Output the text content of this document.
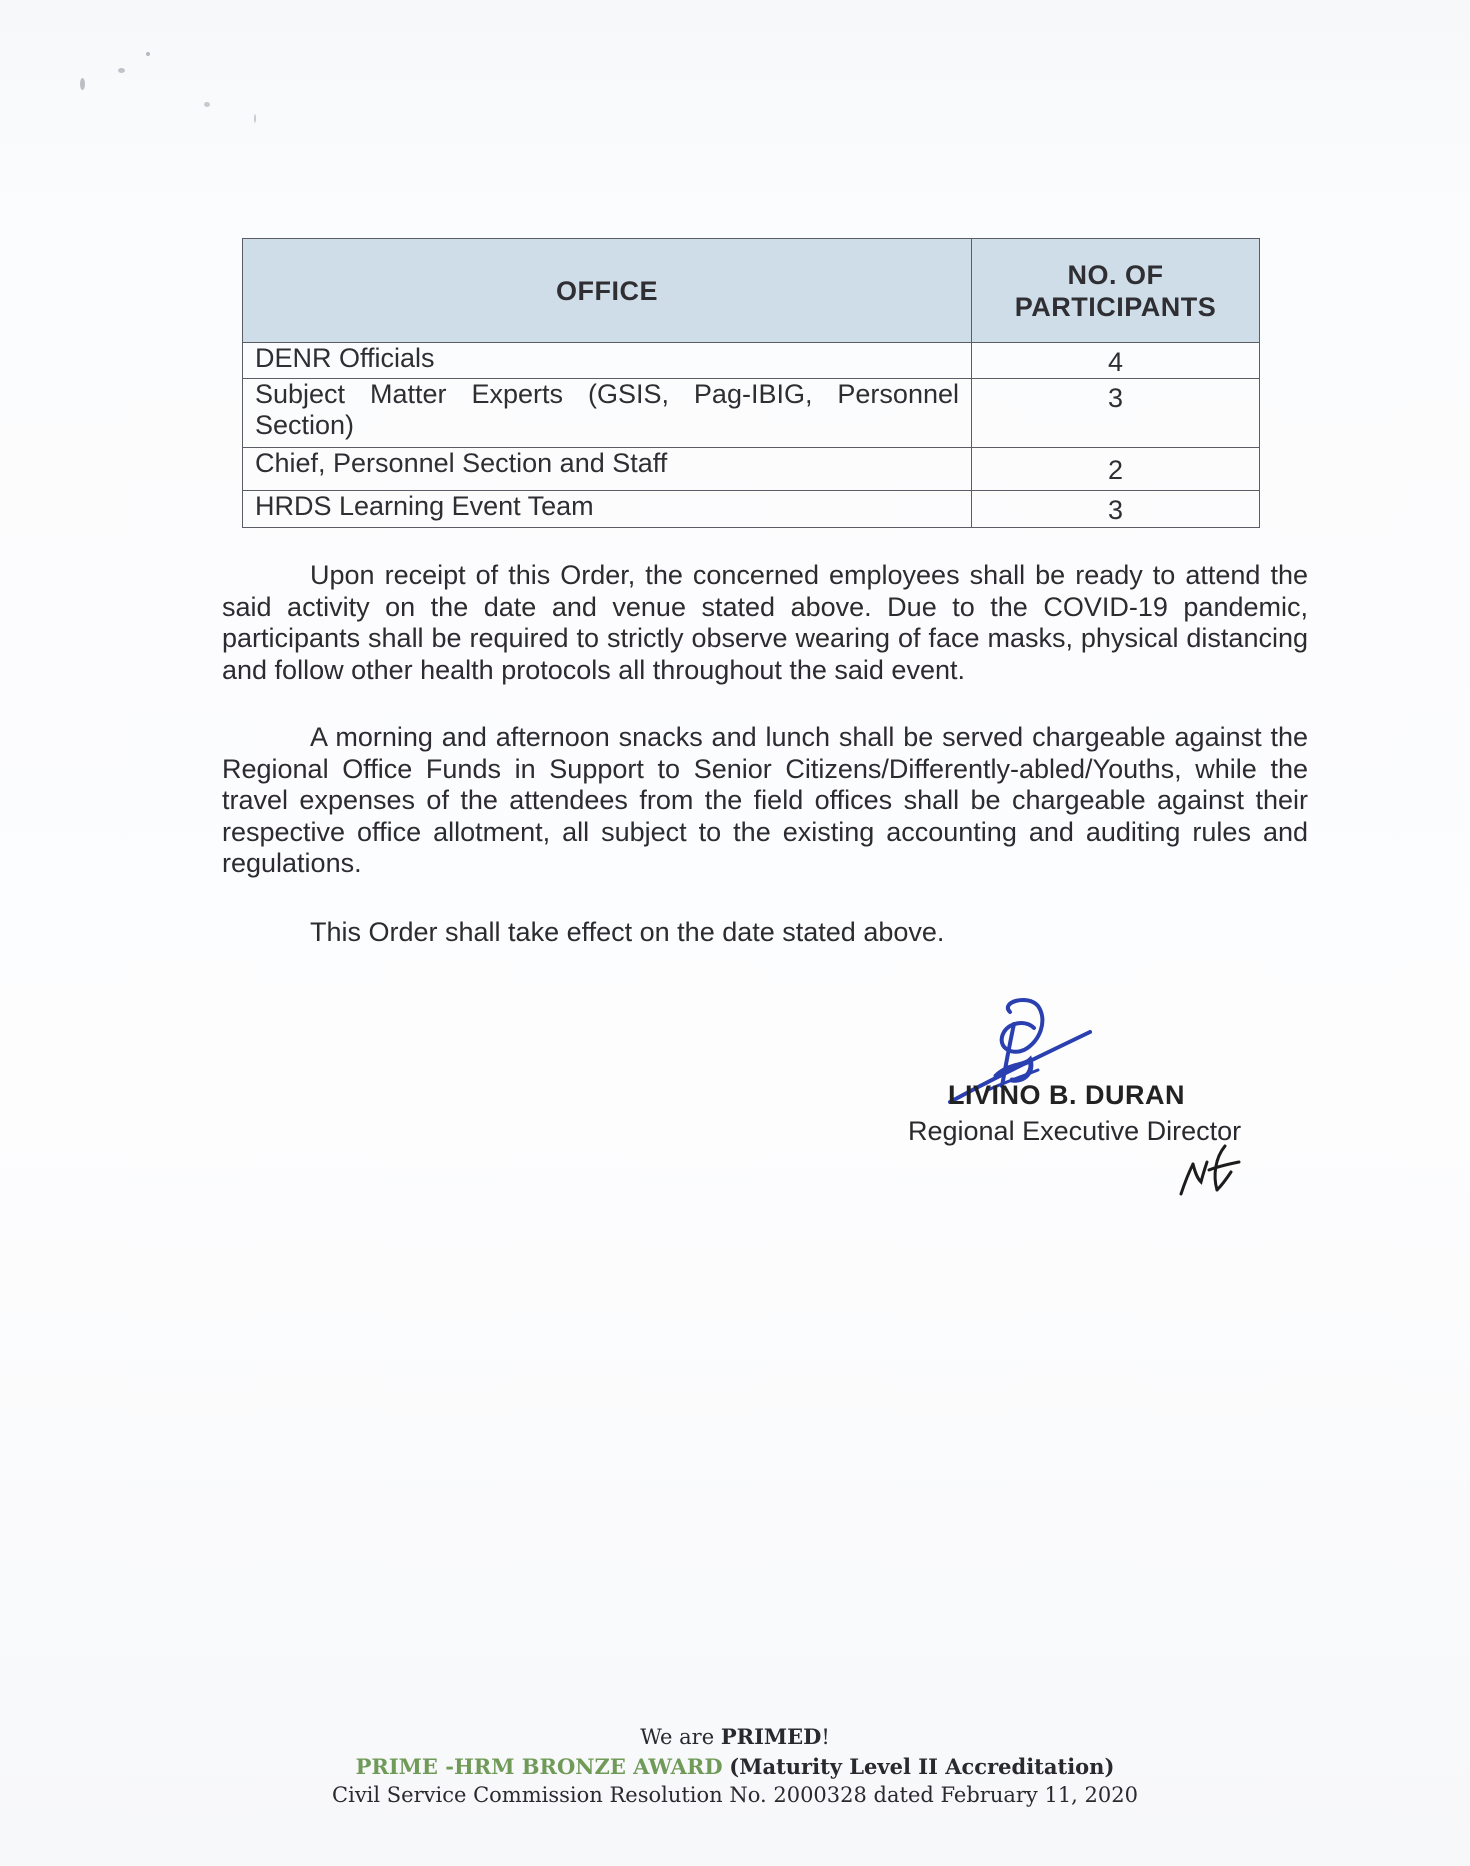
OFFICE	NO. OF
PARTICIPANTS
DENR Officials	4
Subject Matter Experts (GSIS, Pag-IBIG, Personnel Section)	3
Chief, Personnel Section and Staff	2
HRDS Learning Event Team	3

Upon receipt of this Order, the concerned employees shall be ready to attend the said activity on the date and venue stated above. Due to the COVID-19 pandemic, participants shall be required to strictly observe wearing of face masks, physical distancing and follow other health protocols all throughout the said event.

A morning and afternoon snacks and lunch shall be served chargeable against the Regional Office Funds in Support to Senior Citizens/Differently-abled/Youths, while the travel expenses of the attendees from the field offices shall be chargeable against their respective office allotment, all subject to the existing accounting and auditing rules and regulations.

This Order shall take effect on the date stated above.

LIVINO B. DURAN
Regional Executive Director
We are PRIMED!
PRIME -HRM BRONZE AWARD (Maturity Level II Accreditation)
Civil Service Commission Resolution No. 2000328 dated February 11, 2020
